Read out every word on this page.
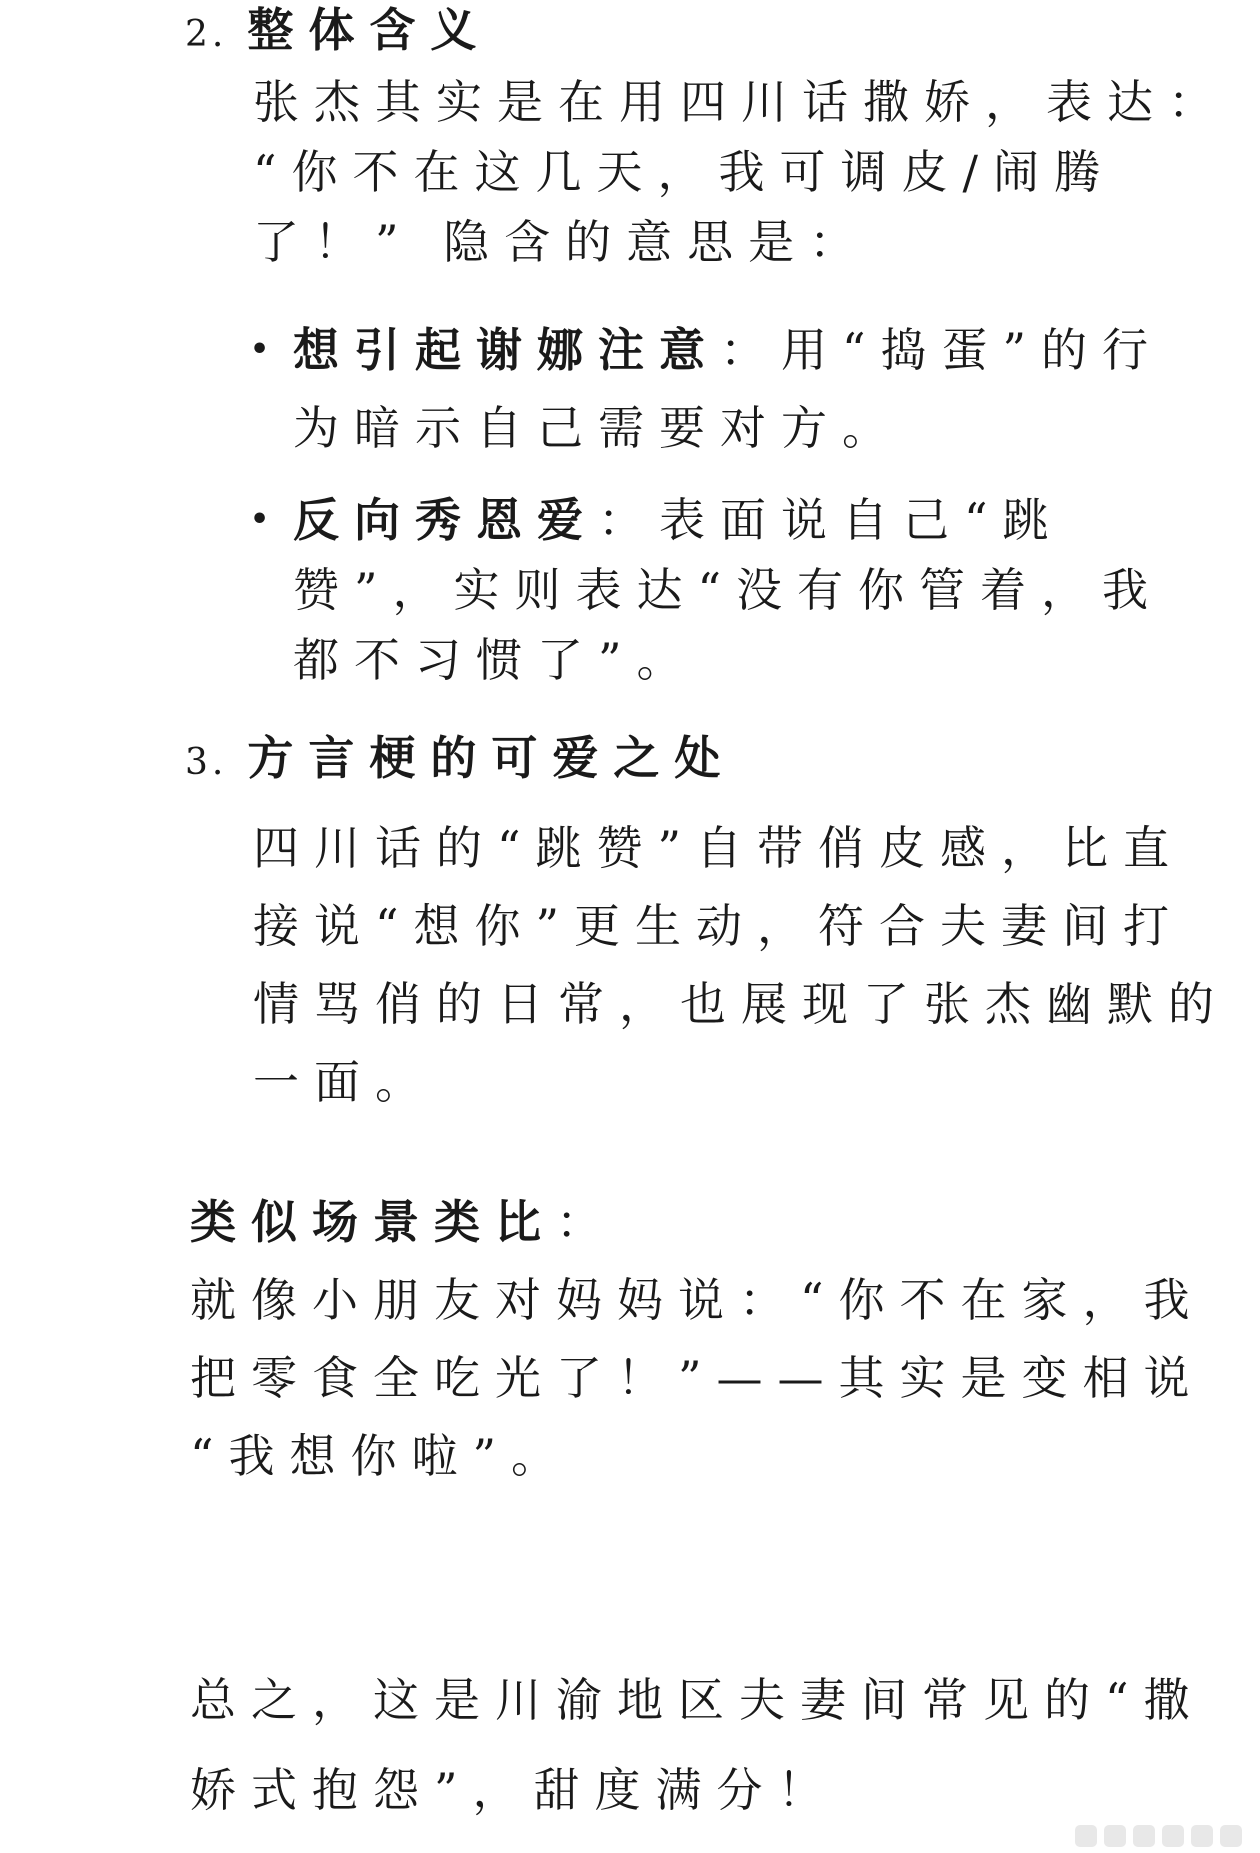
2. 整体含义
张杰其实是在用四川话撒娇，表达：
“你不在这几天，我可调皮/闹腾
了！” 隐含的意思是：
• 想引起谢娜注意：用“捣蛋”的行
为暗示自己需要对方。
• 反向秀恩爱：表面说自己“跳
赞”，实则表达“没有你管着，我
都不习惯了”。
3. 方言梗的可爱之处
四川话的“跳赞”自带俏皮感，比直
接说“想你”更生动，符合夫妻间打
情骂俏的日常，也展现了张杰幽默的
一面。
类似场景类比：
就像小朋友对妈妈说：“你不在家，我
把零食全吃光了！”——其实是变相说
“我想你啦”。
总之，这是川渝地区夫妻间常见的“撒
娇式抱怨”，甜度满分！
